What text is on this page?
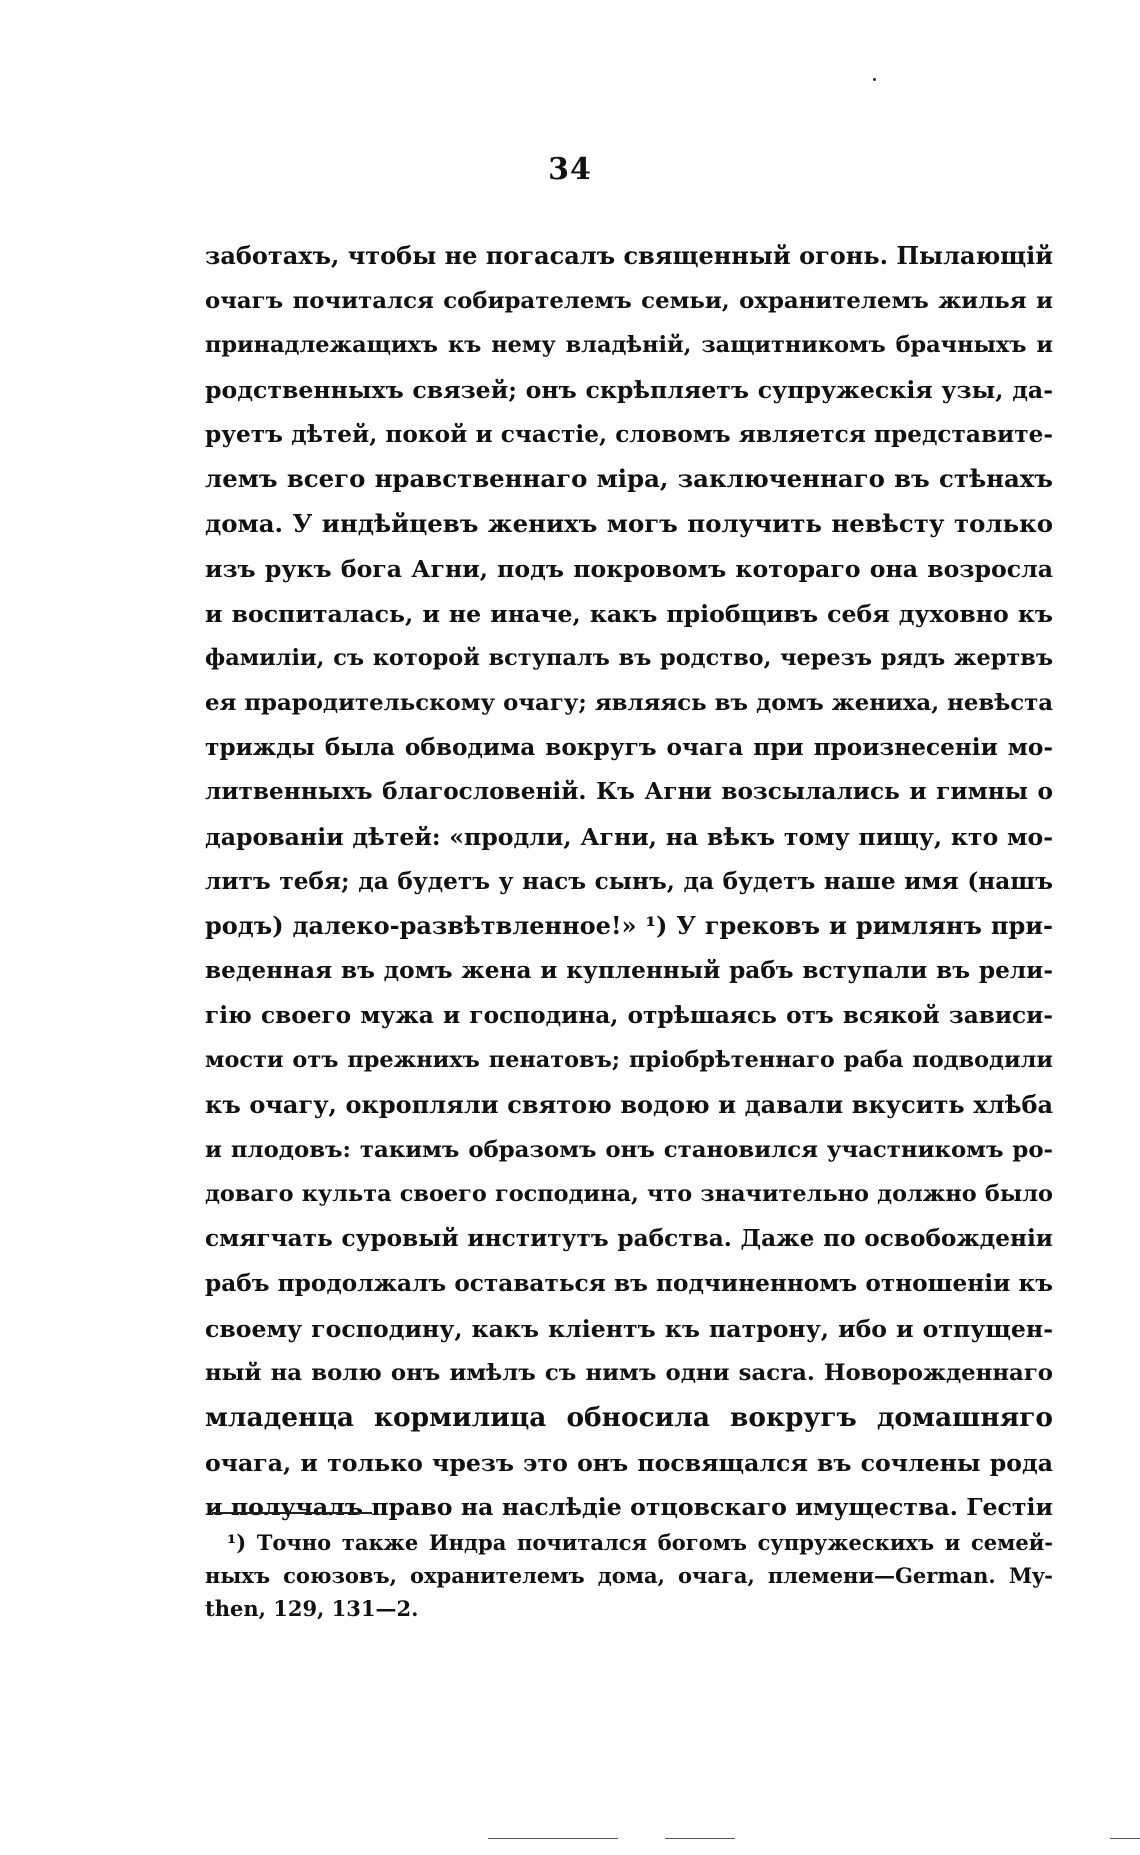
34
заботахъ, чтобы не погасалъ священный огонь. Пылающій
очагъ почитался собирателемъ семьи, охранителемъ жилья и
принадлежащихъ къ нему владѣній, защитникомъ брачныхъ и
родственныхъ связей; онъ скрѣпляетъ супружескія узы, да-
руетъ дѣтей, покой и счастіе, словомъ является представите-
лемъ всего нравственнаго міра, заключеннаго въ стѣнахъ
дома. У индѣйцевъ женихъ могъ получить невѣсту только
изъ рукъ бога Агни, подъ покровомъ котораго она возросла
и воспиталась, и не иначе, какъ пріобщивъ себя духовно къ
фамиліи, съ которой вступалъ въ родство, черезъ рядъ жертвъ
ея прародительскому очагу; являясь въ домъ жениха, невѣста
трижды была обводима вокругъ очага при произнесеніи мо-
литвенныхъ благословеній. Къ Агни возсылались и гимны о
дарованіи дѣтей: «продли, Агни, на вѣкъ тому пищу, кто мо-
литъ тебя; да будетъ у насъ сынъ, да будетъ наше имя (нашъ
родъ) далеко-развѣтвленное!» ¹) У грековъ и римлянъ при-
веденная въ домъ жена и купленный рабъ вступали въ рели-
гію своего мужа и господина, отрѣшаясь отъ всякой зависи-
мости отъ прежнихъ пенатовъ; пріобрѣтеннаго раба подводили
къ очагу, окропляли святою водою и давали вкусить хлѣба
и плодовъ: такимъ образомъ онъ становился участникомъ ро-
доваго культа своего господина, что значительно должно было
смягчать суровый институтъ рабства. Даже по освобожденіи
рабъ продолжалъ оставаться въ подчиненномъ отношеніи къ
своему господину, какъ кліентъ къ патрону, ибо и отпущен-
ный на волю онъ имѣлъ съ нимъ одни sacra. Новорожденнаго
младенца кормилица обносила вокругъ домашняго
очага, и только чрезъ это онъ посвящался въ сочлены рода
и получалъ право на наслѣдіе отцовскаго имущества. Гестіи
¹) Точно также Индра почитался богомъ супружескихъ и семей-
ныхъ союзовъ, охранителемъ дома, очага, племени—German. My-
then, 129, 131—2.
